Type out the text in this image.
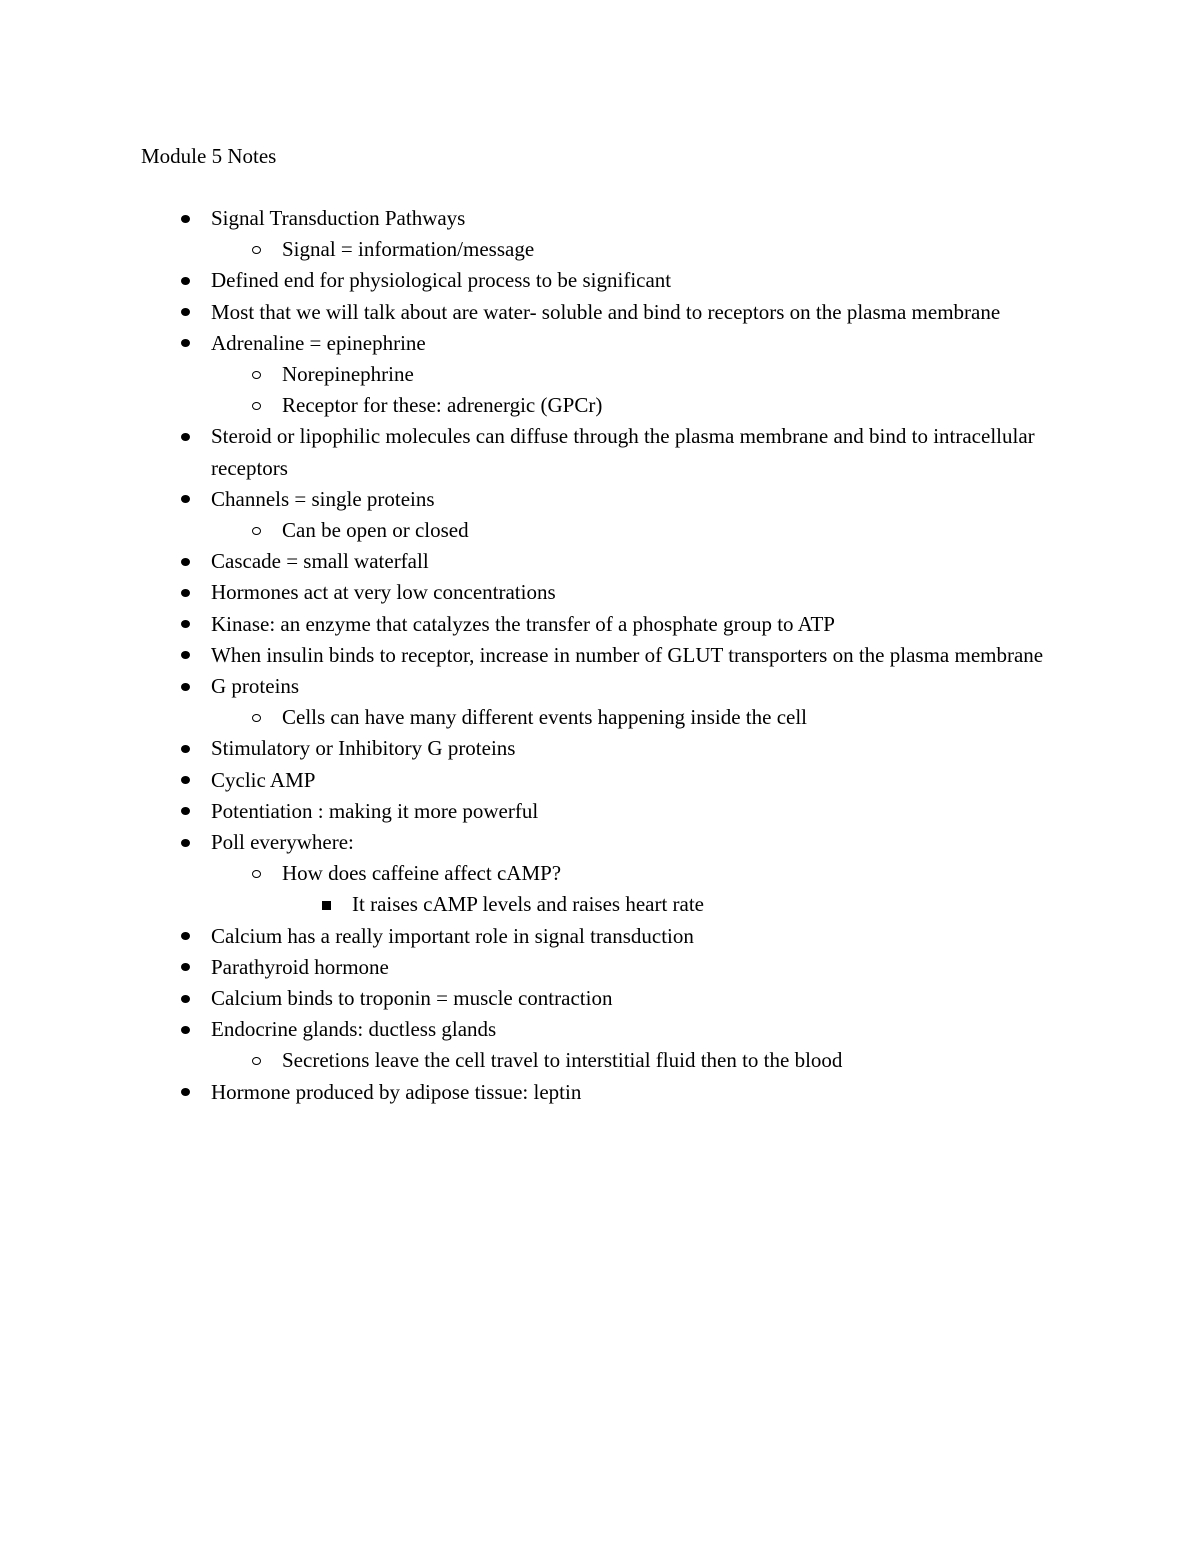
Module 5 Notes
Signal Transduction Pathways
Signal = information/message
Defined end for physiological process to be significant
Most that we will talk about are water- soluble and bind to receptors on the plasma membrane
Adrenaline = epinephrine
Norepinephrine
Receptor for these: adrenergic (GPCr)
Steroid or lipophilic molecules can diffuse through the plasma membrane and bind to intracellular receptors
Channels = single proteins
Can be open or closed
Cascade = small waterfall
Hormones act at very low concentrations
Kinase: an enzyme that catalyzes the transfer of a phosphate group to ATP
When insulin binds to receptor, increase in number of GLUT transporters on the plasma membrane
G proteins
Cells can have many different events happening inside the cell
Stimulatory or Inhibitory G proteins
Cyclic AMP
Potentiation : making it more powerful
Poll everywhere:
How does caffeine affect cAMP?
It raises cAMP levels and raises heart rate
Calcium has a really important role in signal transduction
Parathyroid hormone
Calcium binds to troponin = muscle contraction
Endocrine glands: ductless glands
Secretions leave the cell travel to interstitial fluid then to the blood
Hormone produced by adipose tissue: leptin
